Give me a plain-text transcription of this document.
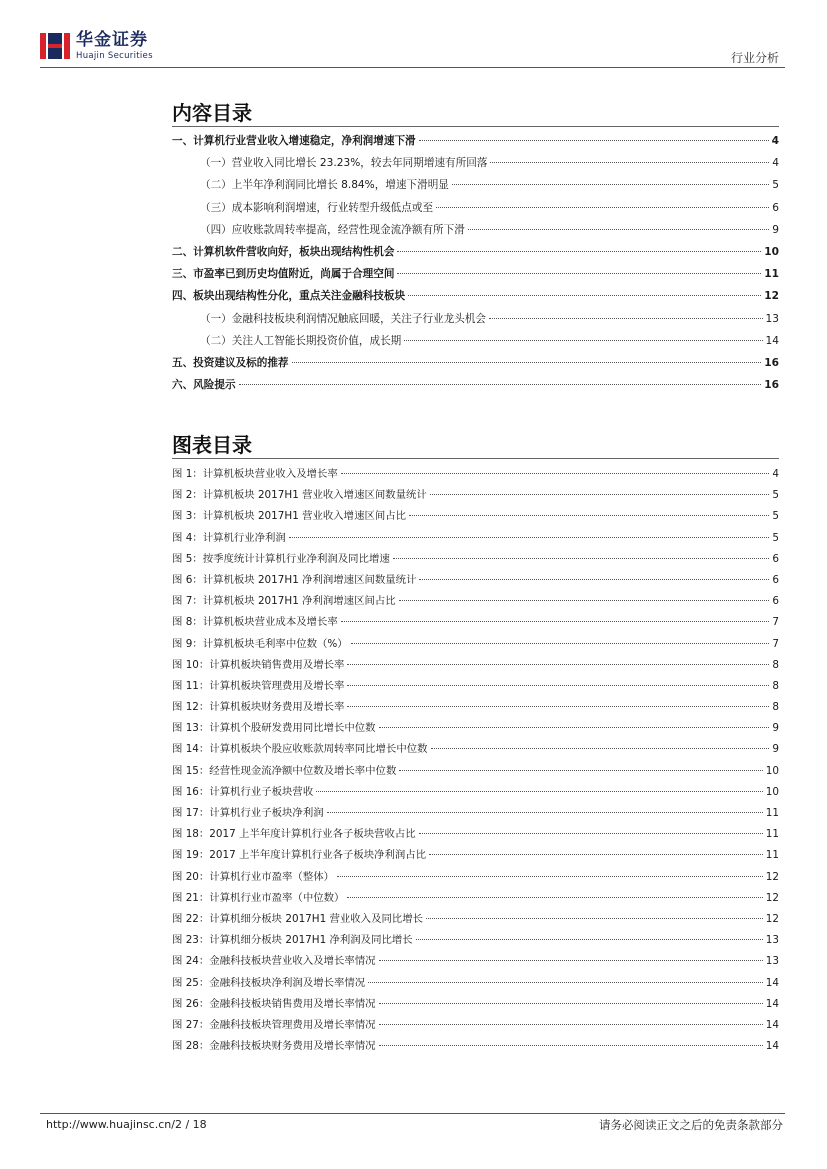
华金证券
Huajin Securities	行业分析
内容目录
一、计算机行业营业收入增速稳定，净利润增速下滑	4
（一）营业收入同比增长 23.23%，较去年同期增速有所回落	4
（二）上半年净利润同比增长 8.84%，增速下滑明显	5
（三）成本影响利润增速，行业转型升级低点或至	6
（四）应收账款周转率提高，经营性现金流净额有所下滑	9
二、计算机软件营收向好，板块出现结构性机会	10
三、市盈率已到历史均值附近，尚属于合理空间	11
四、板块出现结构性分化，重点关注金融科技板块	12
（一）金融科技板块利润情况触底回暖，关注子行业龙头机会	13
（二）关注人工智能长期投资价值，成长期	14
五、投资建议及标的推荐	16
六、风险提示	16
图表目录
图 1：计算机板块营业收入及增长率	4
图 2：计算机板块 2017H1 营业收入增速区间数量统计	5
图 3：计算机板块 2017H1 营业收入增速区间占比	5
图 4：计算机行业净利润	5
图 5：按季度统计计算机行业净利润及同比增速	6
图 6：计算机板块 2017H1 净利润增速区间数量统计	6
图 7：计算机板块 2017H1 净利润增速区间占比	6
图 8：计算机板块营业成本及增长率	7
图 9：计算机板块毛利率中位数（%）	7
图 10：计算机板块销售费用及增长率	8
图 11：计算机板块管理费用及增长率	8
图 12：计算机板块财务费用及增长率	8
图 13：计算机个股研发费用同比增长中位数	9
图 14：计算机板块个股应收账款周转率同比增长中位数	9
图 15：经营性现金流净额中位数及增长率中位数	10
图 16：计算机行业子板块营收	10
图 17：计算机行业子板块净利润	11
图 18：2017 上半年度计算机行业各子板块营收占比	11
图 19：2017 上半年度计算机行业各子板块净利润占比	11
图 20：计算机行业市盈率（整体）	12
图 21：计算机行业市盈率（中位数）	12
图 22：计算机细分板块 2017H1 营业收入及同比增长	12
图 23：计算机细分板块 2017H1 净利润及同比增长	13
图 24：金融科技板块营业收入及增长率情况	13
图 25：金融科技板块净利润及增长率情况	14
图 26：金融科技板块销售费用及增长率情况	14
图 27：金融科技板块管理费用及增长率情况	14
图 28：金融科技板块财务费用及增长率情况	14
http://www.huajinsc.cn/2 / 18	请务必阅读正文之后的免责条款部分
